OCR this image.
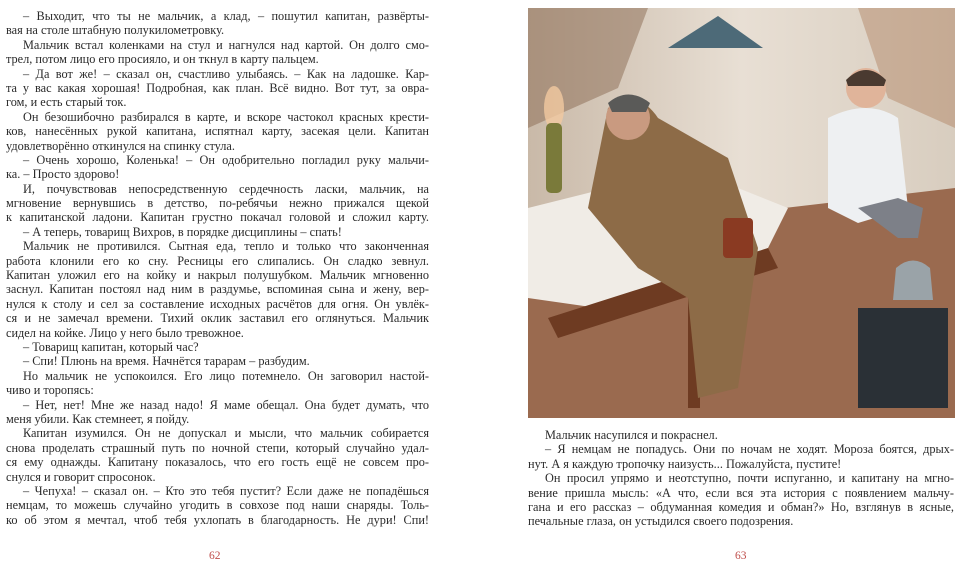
– Выходит, что ты не мальчик, а клад, – пошутил капитан, развёрты-
вая на столе штабную полукилометровку.
Мальчик встал коленками на стул и нагнулся над картой. Он долго смо-
трел, потом лицо его просияло, и он ткнул в карту пальцем.
– Да вот же! – сказал он, счастливо улыбаясь. – Как на ладошке. Кар-
та у вас какая хорошая! Подробная, как план. Всё видно. Вот тут, за овра-
гом, и есть старый ток.
Он безошибочно разбирался в карте, и вскоре частокол красных крести-
ков, нанесённых рукой капитана, испятнал карту, засекая цели. Капитан
удовлетворённо откинулся на спинку стула.
– Очень хорошо, Коленька! – Он одобрительно погладил руку мальчи-
ка. – Просто здорово!
И, почувствовав непосредственную сердечность ласки, мальчик, на
мгновение вернувшись в детство, по-ребячьи нежно прижался щекой
к капитанской ладони. Капитан грустно покачал головой и сложил карту.
– А теперь, товарищ Вихров, в порядке дисциплины – спать!
Мальчик не противился. Сытная еда, тепло и только что законченная
работа клонили его ко сну. Ресницы его слипались. Он сладко зевнул.
Капитан уложил его на койку и накрыл полушубком. Мальчик мгновенно
заснул. Капитан постоял над ним в раздумье, вспоминая сына и жену, вер-
нулся к столу и сел за составление исходных расчётов для огня. Он увлёк-
ся и не замечал времени. Тихий оклик заставил его оглянуться. Мальчик
сидел на койке. Лицо у него было тревожное.
– Товарищ капитан, который час?
– Спи! Плюнь на время. Начнётся тарарам – разбудим.
Но мальчик не успокоился. Его лицо потемнело. Он заговорил настой-
чиво и торопясь:
– Нет, нет! Мне же назад надо! Я маме обещал. Она будет думать, что
меня убили. Как стемнеет, я пойду.
Капитан изумился. Он не допускал и мысли, что мальчик собирается
снова проделать страшный путь по ночной степи, который случайно удал-
ся ему однажды. Капитану показалось, что его гость ещё не совсем про-
снулся и говорит спросонок.
– Чепуха! – сказал он. – Кто это тебя пустит? Если даже не попадёшься
немцам, то можешь случайно угодить в совхозе под наши снаряды. Толь-
ко об этом я мечтал, чтоб тебя ухлопать в благодарность. Не дури! Спи!
62
Мальчик насупился и покраснел.
– Я немцам не попадусь. Они по ночам не ходят. Мороза боятся, дрых-
нут. А я каждую тропочку наизусть... Пожалуйста, пустите!
Он просил упрямо и неотступно, почти испуганно, и капитану на мгно-
вение пришла мысль: «А что, если вся эта история с появлением мальчу-
гана и его рассказ – обдуманная комедия и обман?» Но, взглянув в ясные,
печальные глаза, он устыдился своего подозрения.
63
